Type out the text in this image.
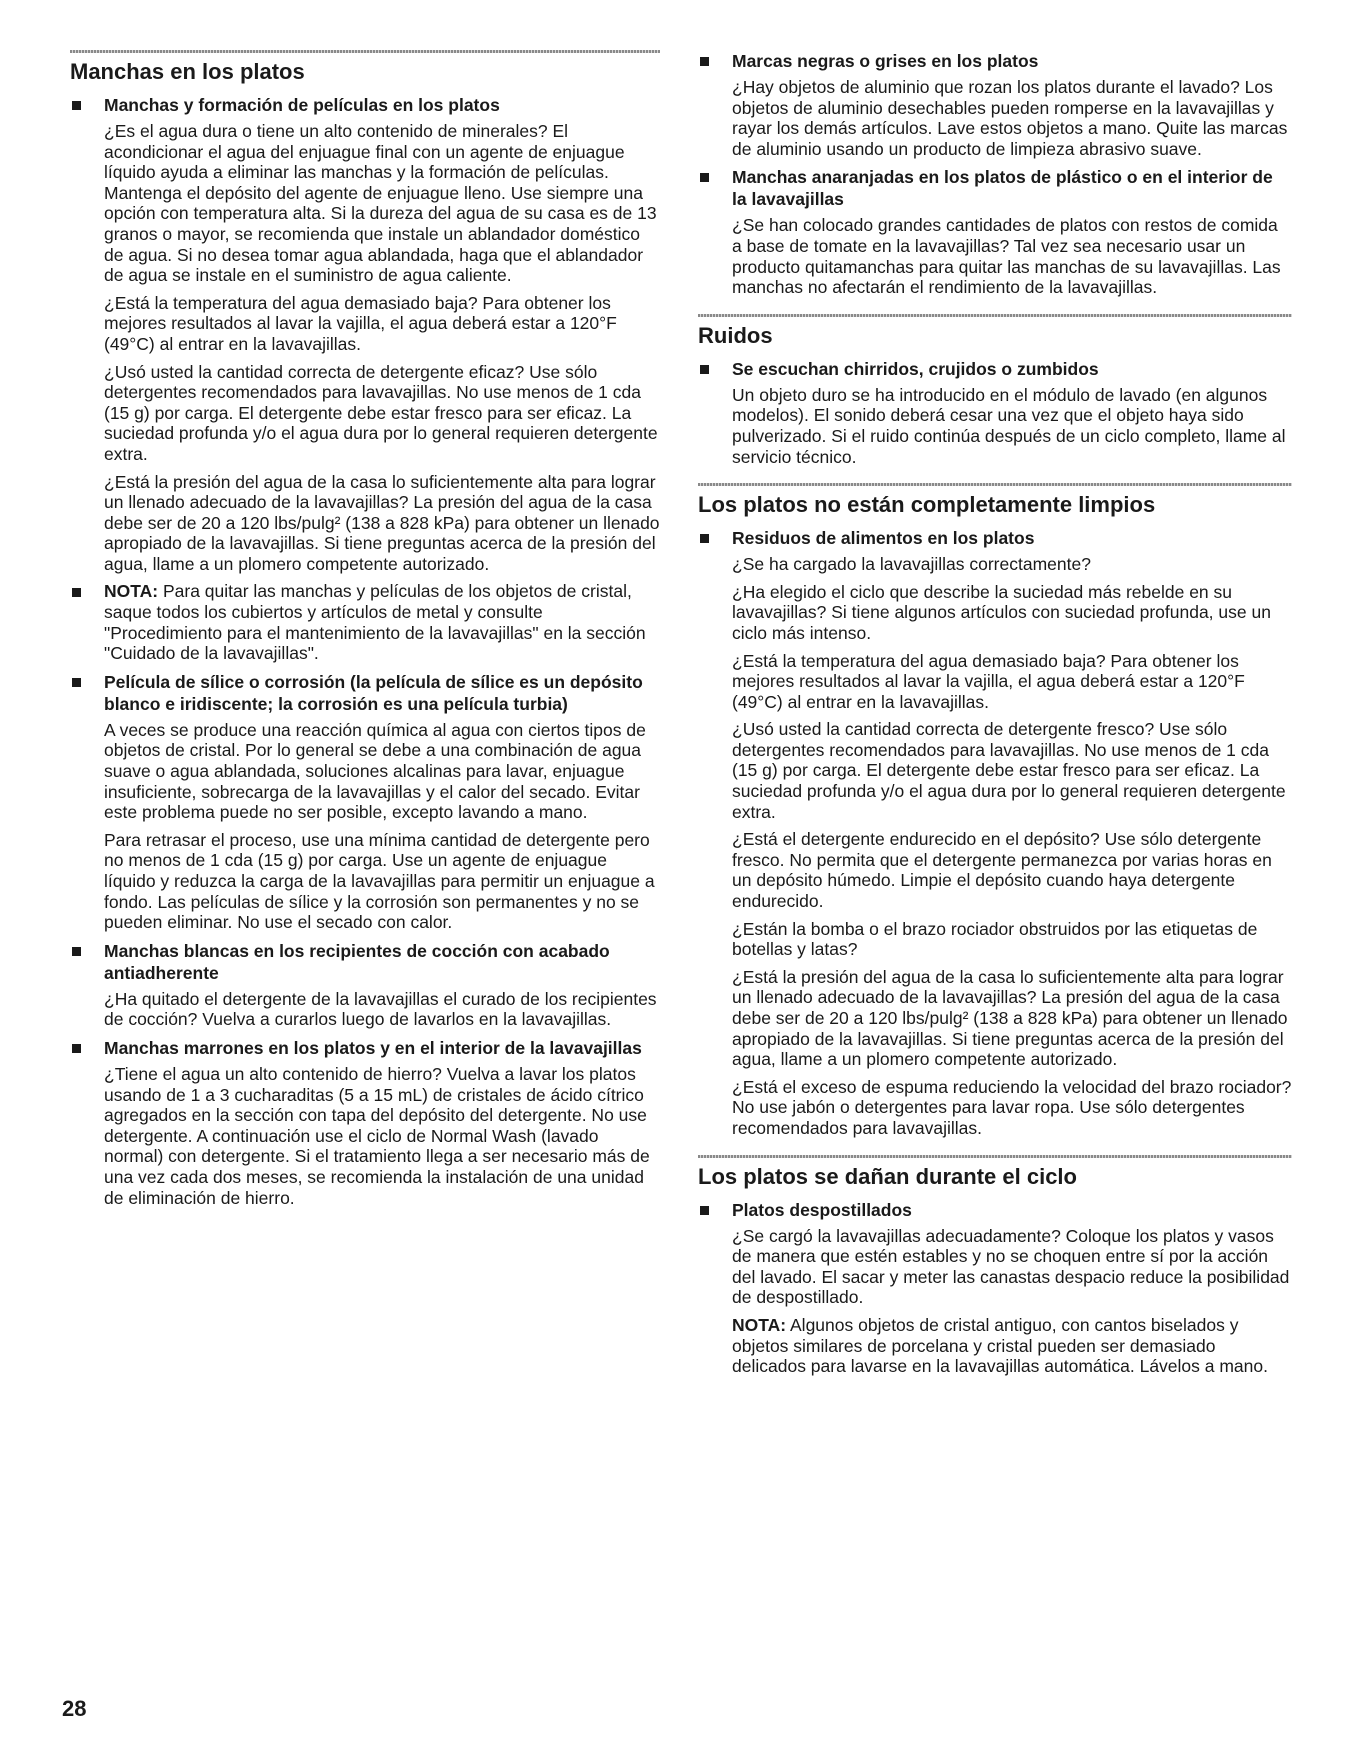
Manchas en los platos
Manchas y formación de películas en los platos

¿Es el agua dura o tiene un alto contenido de minerales? El acondicionar el agua del enjuague final con un agente de enjuague líquido ayuda a eliminar las manchas y la formación de películas. Mantenga el depósito del agente de enjuague lleno. Use siempre una opción con temperatura alta. Si la dureza del agua de su casa es de 13 granos o mayor, se recomienda que instale un ablandador doméstico de agua. Si no desea tomar agua ablandada, haga que el ablandador de agua se instale en el suministro de agua caliente.

¿Está la temperatura del agua demasiado baja? Para obtener los mejores resultados al lavar la vajilla, el agua deberá estar a 120°F (49°C) al entrar en la lavavajillas.

¿Usó usted la cantidad correcta de detergente eficaz? Use sólo detergentes recomendados para lavavajillas. No use menos de 1 cda (15 g) por carga. El detergente debe estar fresco para ser eficaz. La suciedad profunda y/o el agua dura por lo general requieren detergente extra.

¿Está la presión del agua de la casa lo suficientemente alta para lograr un llenado adecuado de la lavavajillas? La presión del agua de la casa debe ser de 20 a 120 lbs/pulg² (138 a 828 kPa) para obtener un llenado apropiado de la lavavajillas. Si tiene preguntas acerca de la presión del agua, llame a un plomero competente autorizado.

NOTA: Para quitar las manchas y películas de los objetos de cristal, saque todos los cubiertos y artículos de metal y consulte "Procedimiento para el mantenimiento de la lavavajillas" en la sección "Cuidado de la lavavajillas".

Película de sílice o corrosión (la película de sílice es un depósito blanco e iridiscente; la corrosión es una película turbia)

A veces se produce una reacción química al agua con ciertos tipos de objetos de cristal. Por lo general se debe a una combinación de agua suave o agua ablandada, soluciones alcalinas para lavar, enjuague insuficiente, sobrecarga de la lavavajillas y el calor del secado. Evitar este problema puede no ser posible, excepto lavando a mano.

Para retrasar el proceso, use una mínima cantidad de detergente pero no menos de 1 cda (15 g) por carga. Use un agente de enjuague líquido y reduzca la carga de la lavavajillas para permitir un enjuague a fondo. Las películas de sílice y la corrosión son permanentes y no se pueden eliminar. No use el secado con calor.

Manchas blancas en los recipientes de cocción con acabado antiadherente

¿Ha quitado el detergente de la lavavajillas el curado de los recipientes de cocción? Vuelva a curarlos luego de lavarlos en la lavavajillas.

Manchas marrones en los platos y en el interior de la lavavajillas

¿Tiene el agua un alto contenido de hierro? Vuelva a lavar los platos usando de 1 a 3 cucharaditas (5 a 15 mL) de cristales de ácido cítrico agregados en la sección con tapa del depósito del detergente. No use detergente. A continuación use el ciclo de Normal Wash (lavado normal) con detergente. Si el tratamiento llega a ser necesario más de una vez cada dos meses, se recomienda la instalación de una unidad de eliminación de hierro.

Marcas negras o grises en los platos

¿Hay objetos de aluminio que rozan los platos durante el lavado? Los objetos de aluminio desechables pueden romperse en la lavavajillas y rayar los demás artículos. Lave estos objetos a mano. Quite las marcas de aluminio usando un producto de limpieza abrasivo suave.

Manchas anaranjadas en los platos de plástico o en el interior de la lavavajillas

¿Se han colocado grandes cantidades de platos con restos de comida a base de tomate en la lavavajillas? Tal vez sea necesario usar un producto quitamanchas para quitar las manchas de su lavavajillas. Las manchas no afectarán el rendimiento de la lavavajillas.

Ruidos
Se escuchan chirridos, crujidos o zumbidos

Un objeto duro se ha introducido en el módulo de lavado (en algunos modelos). El sonido deberá cesar una vez que el objeto haya sido pulverizado. Si el ruido continúa después de un ciclo completo, llame al servicio técnico.

Los platos no están completamente limpios
Residuos de alimentos en los platos

¿Se ha cargado la lavavajillas correctamente?

¿Ha elegido el ciclo que describe la suciedad más rebelde en su lavavajillas? Si tiene algunos artículos con suciedad profunda, use un ciclo más intenso.

¿Está la temperatura del agua demasiado baja? Para obtener los mejores resultados al lavar la vajilla, el agua deberá estar a 120°F (49°C) al entrar en la lavavajillas.

¿Usó usted la cantidad correcta de detergente fresco? Use sólo detergentes recomendados para lavavajillas. No use menos de 1 cda (15 g) por carga. El detergente debe estar fresco para ser eficaz. La suciedad profunda y/o el agua dura por lo general requieren detergente extra.

¿Está el detergente endurecido en el depósito? Use sólo detergente fresco. No permita que el detergente permanezca por varias horas en un depósito húmedo. Limpie el depósito cuando haya detergente endurecido.

¿Están la bomba o el brazo rociador obstruidos por las etiquetas de botellas y latas?

¿Está la presión del agua de la casa lo suficientemente alta para lograr un llenado adecuado de la lavavajillas? La presión del agua de la casa debe ser de 20 a 120 lbs/pulg² (138 a 828 kPa) para obtener un llenado apropiado de la lavavajillas. Si tiene preguntas acerca de la presión del agua, llame a un plomero competente autorizado.

¿Está el exceso de espuma reduciendo la velocidad del brazo rociador? No use jabón o detergentes para lavar ropa. Use sólo detergentes recomendados para lavavajillas.

Los platos se dañan durante el ciclo
Platos despostillados

¿Se cargó la lavavajillas adecuadamente? Coloque los platos y vasos de manera que estén estables y no se choquen entre sí por la acción del lavado. El sacar y meter las canastas despacio reduce la posibilidad de despostillado.

NOTA: Algunos objetos de cristal antiguo, con cantos biselados y objetos similares de porcelana y cristal pueden ser demasiado delicados para lavarse en la lavavajillas automática. Lávelos a mano.

28
